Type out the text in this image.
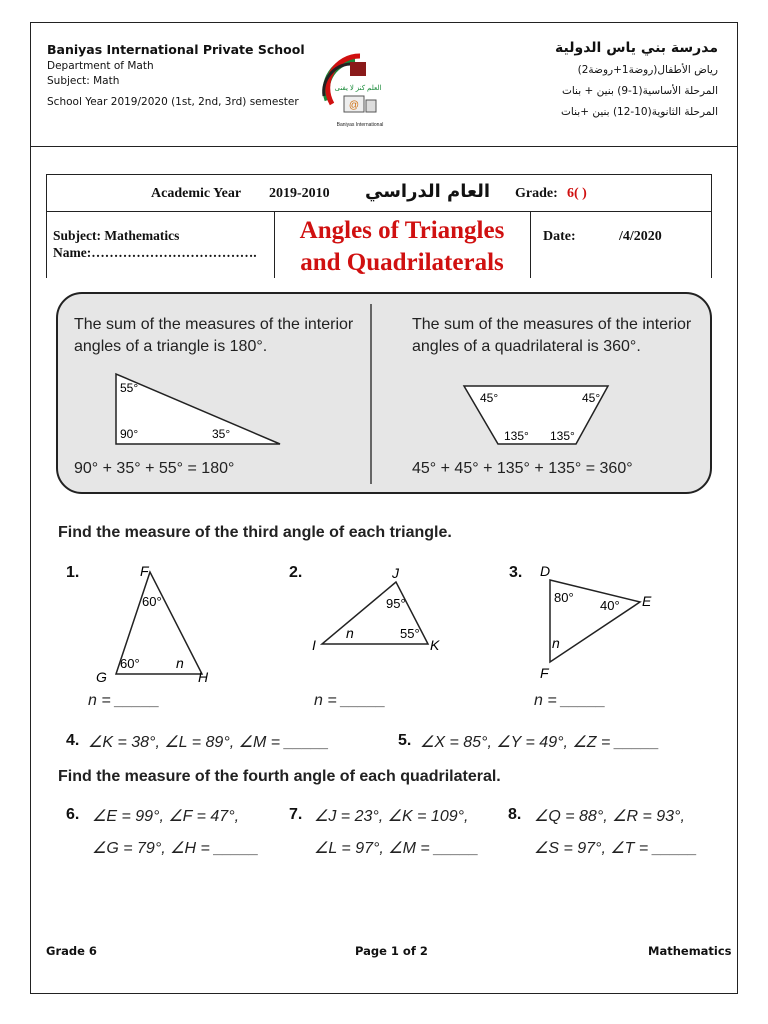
Baniyas International Private School
Department of Math
Subject: Math
School Year 2019/2020 (1st, 2nd, 3rd) semester
العلم كنز لا يفنى
@
Baniyas International
مدرسة بني ياس الدولية
رياض الأطفال(روضة1+روضة2)
المرحلة الأساسية(1-9) بنين + بنات
المرحلة الثانوية(10-12) بنين +بنات
Academic Year 2019-2010 العام الدراسي Grade: 6( )
Subject: Mathematics
Name:……………………………….
Angles of Triangles
and Quadrilaterals
Date:	/4/2020
The sum of the measures of the interior
angles of a triangle is 180°.
55°
90°	35°
90° + 35° + 55° = 180°
The sum of the measures of the interior
angles of a quadrilateral is 360°.
45°	45°
135° 135°
45° + 45° + 135° + 135° = 360°
Find the measure of the third angle of each triangle.
1.	F
G	H
60°
60°	n
n = _____
2.	J
I	K
95°
n	55°
n = _____
3. D
E
F
80°
40°
n
n = _____
4. ∠K = 38°, ∠L = 89°, ∠M = _____	5. ∠X = 85°, ∠Y = 49°, ∠Z = _____
Find the measure of the fourth angle of each quadrilateral.
6. ∠E = 99°, ∠F = 47°,
∠G = 79°, ∠H = _____
7. ∠J = 23°, ∠K = 109°,
∠L = 97°, ∠M = _____
8. ∠Q = 88°, ∠R = 93°,
∠S = 97°, ∠T = _____
Grade 6	Page 1 of 2	Mathematics
